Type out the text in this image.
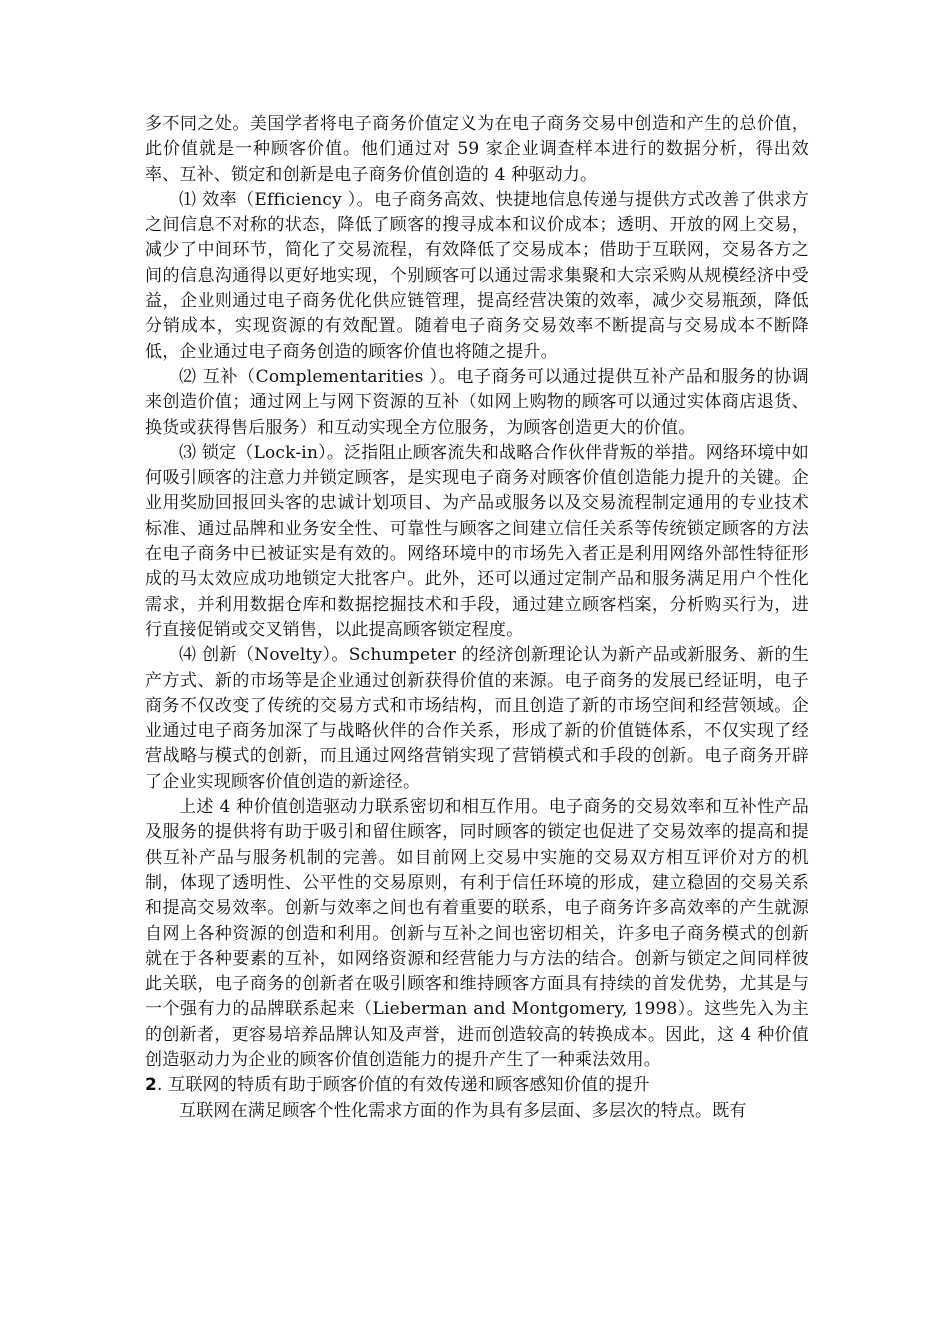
多不同之处。美国学者将电子商务价值定义为在电子商务交易中创造和产生的总价值，此价值就是一种顾客价值。他们通过对 59 家企业调查样本进行的数据分析，得出效率、互补、锁定和创新是电子商务价值创造的 4 种驱动力。

⑴ 效率（Efficiency ）。电子商务高效、快捷地信息传递与提供方式改善了供求方之间信息不对称的状态，降低了顾客的搜寻成本和议价成本；透明、开放的网上交易，减少了中间环节，简化了交易流程，有效降低了交易成本；借助于互联网，交易各方之间的信息沟通得以更好地实现，个别顾客可以通过需求集聚和大宗采购从规模经济中受益，企业则通过电子商务优化供应链管理，提高经营决策的效率，减少交易瓶颈，降低分销成本，实现资源的有效配置。随着电子商务交易效率不断提高与交易成本不断降低，企业通过电子商务创造的顾客价值也将随之提升。

⑵ 互补（Complementarities ）。电子商务可以通过提供互补产品和服务的协调来创造价值；通过网上与网下资源的互补（如网上购物的顾客可以通过实体商店退货、换货或获得售后服务）和互动实现全方位服务，为顾客创造更大的价值。

⑶ 锁定（Lock-in）。泛指阻止顾客流失和战略合作伙伴背叛的举措。网络环境中如何吸引顾客的注意力并锁定顾客，是实现电子商务对顾客价值创造能力提升的关键。企业用奖励回报回头客的忠诚计划项目、为产品或服务以及交易流程制定通用的专业技术标准、通过品牌和业务安全性、可靠性与顾客之间建立信任关系等传统锁定顾客的方法在电子商务中已被证实是有效的。网络环境中的市场先入者正是利用网络外部性特征形成的马太效应成功地锁定大批客户。此外，还可以通过定制产品和服务满足用户个性化需求，并利用数据仓库和数据挖掘技术和手段，通过建立顾客档案，分析购买行为，进行直接促销或交叉销售，以此提高顾客锁定程度。

⑷ 创新（Novelty）。Schumpeter 的经济创新理论认为新产品或新服务、新的生产方式、新的市场等是企业通过创新获得价值的来源。电子商务的发展已经证明，电子商务不仅改变了传统的交易方式和市场结构，而且创造了新的市场空间和经营领域。企业通过电子商务加深了与战略伙伴的合作关系，形成了新的价值链体系，不仅实现了经营战略与模式的创新，而且通过网络营销实现了营销模式和手段的创新。电子商务开辟了企业实现顾客价值创造的新途径。

上述 4 种价值创造驱动力联系密切和相互作用。电子商务的交易效率和互补性产品及服务的提供将有助于吸引和留住顾客，同时顾客的锁定也促进了交易效率的提高和提供互补产品与服务机制的完善。如目前网上交易中实施的交易双方相互评价对方的机制，体现了透明性、公平性的交易原则，有利于信任环境的形成，建立稳固的交易关系和提高交易效率。创新与效率之间也有着重要的联系，电子商务许多高效率的产生就源自网上各种资源的创造和利用。创新与互补之间也密切相关，许多电子商务模式的创新就在于各种要素的互补，如网络资源和经营能力与方法的结合。创新与锁定之间同样彼此关联，电子商务的创新者在吸引顾客和维持顾客方面具有持续的首发优势，尤其是与一个强有力的品牌联系起来（Lieberman and Montgomery, 1998）。这些先入为主的创新者，更容易培养品牌认知及声誉，进而创造较高的转换成本。因此，这 4 种价值创造驱动力为企业的顾客价值创造能力的提升产生了一种乘法效用。

2. 互联网的特质有助于顾客价值的有效传递和顾客感知价值的提升

互联网在满足顾客个性化需求方面的作为具有多层面、多层次的特点。既有
